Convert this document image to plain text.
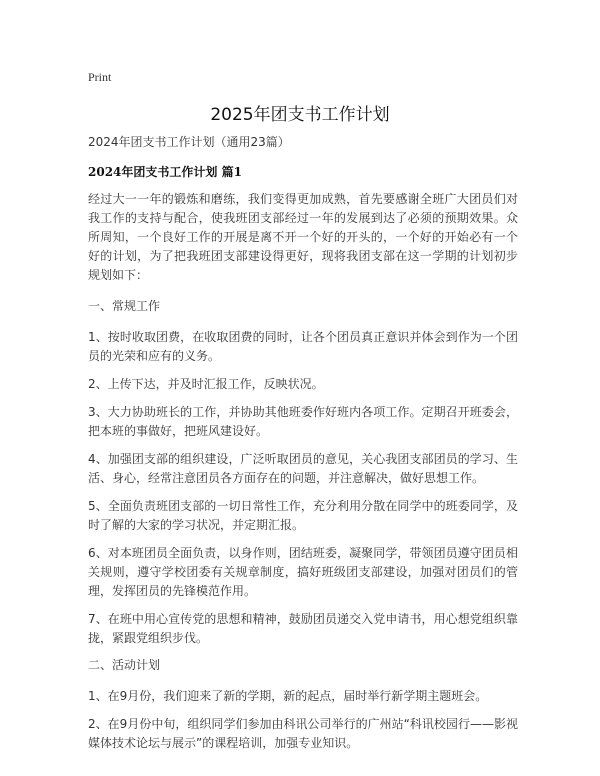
Print
2025年团支书工作计划

2024年团支书工作计划（通用23篇）

2024年团支书工作计划 篇1

经过大一一年的锻炼和磨练，我们变得更加成熟，首先要感谢全班广大团员们对我工作的支持与配合，使我班团支部经过一年的发展到达了必须的预期效果。众所周知，一个良好工作的开展是离不开一个好的开头的，一个好的开始必有一个好的计划，为了把我班团支部建设得更好，现将我团支部在这一学期的计划初步规划如下：

一、常规工作

1、按时收取团费，在收取团费的同时，让各个团员真正意识并体会到作为一个团员的光荣和应有的义务。

2、上传下达，并及时汇报工作，反映状况。

3、大力协助班长的工作，并协助其他班委作好班内各项工作。定期召开班委会，把本班的事做好，把班风建设好。

4、加强团支部的组织建设，广泛听取团员的意见，关心我团支部团员的学习、生活、身心，经常注意团员各方面存在的问题，并注意解决，做好思想工作。

5、全面负责班团支部的一切日常性工作，充分利用分散在同学中的班委同学，及时了解的大家的学习状况，并定期汇报。

6、对本班团员全面负责，以身作则，团结班委，凝聚同学，带领团员遵守团员相关规则，遵守学校团委有关规章制度，搞好班级团支部建设，加强对团员们的管理，发挥团员的先锋模范作用。

7、在班中用心宣传党的思想和精神，鼓励团员递交入党申请书，用心想党组织靠拢，紧跟党组织步伐。

二、活动计划

1、在9月份，我们迎来了新的学期，新的起点，届时举行新学期主题班会。

2、在9月份中旬，组织同学们参加由科讯公司举行的广州站“科讯校园行——影视媒体技术论坛与展示”的课程培训，加强专业知识。
